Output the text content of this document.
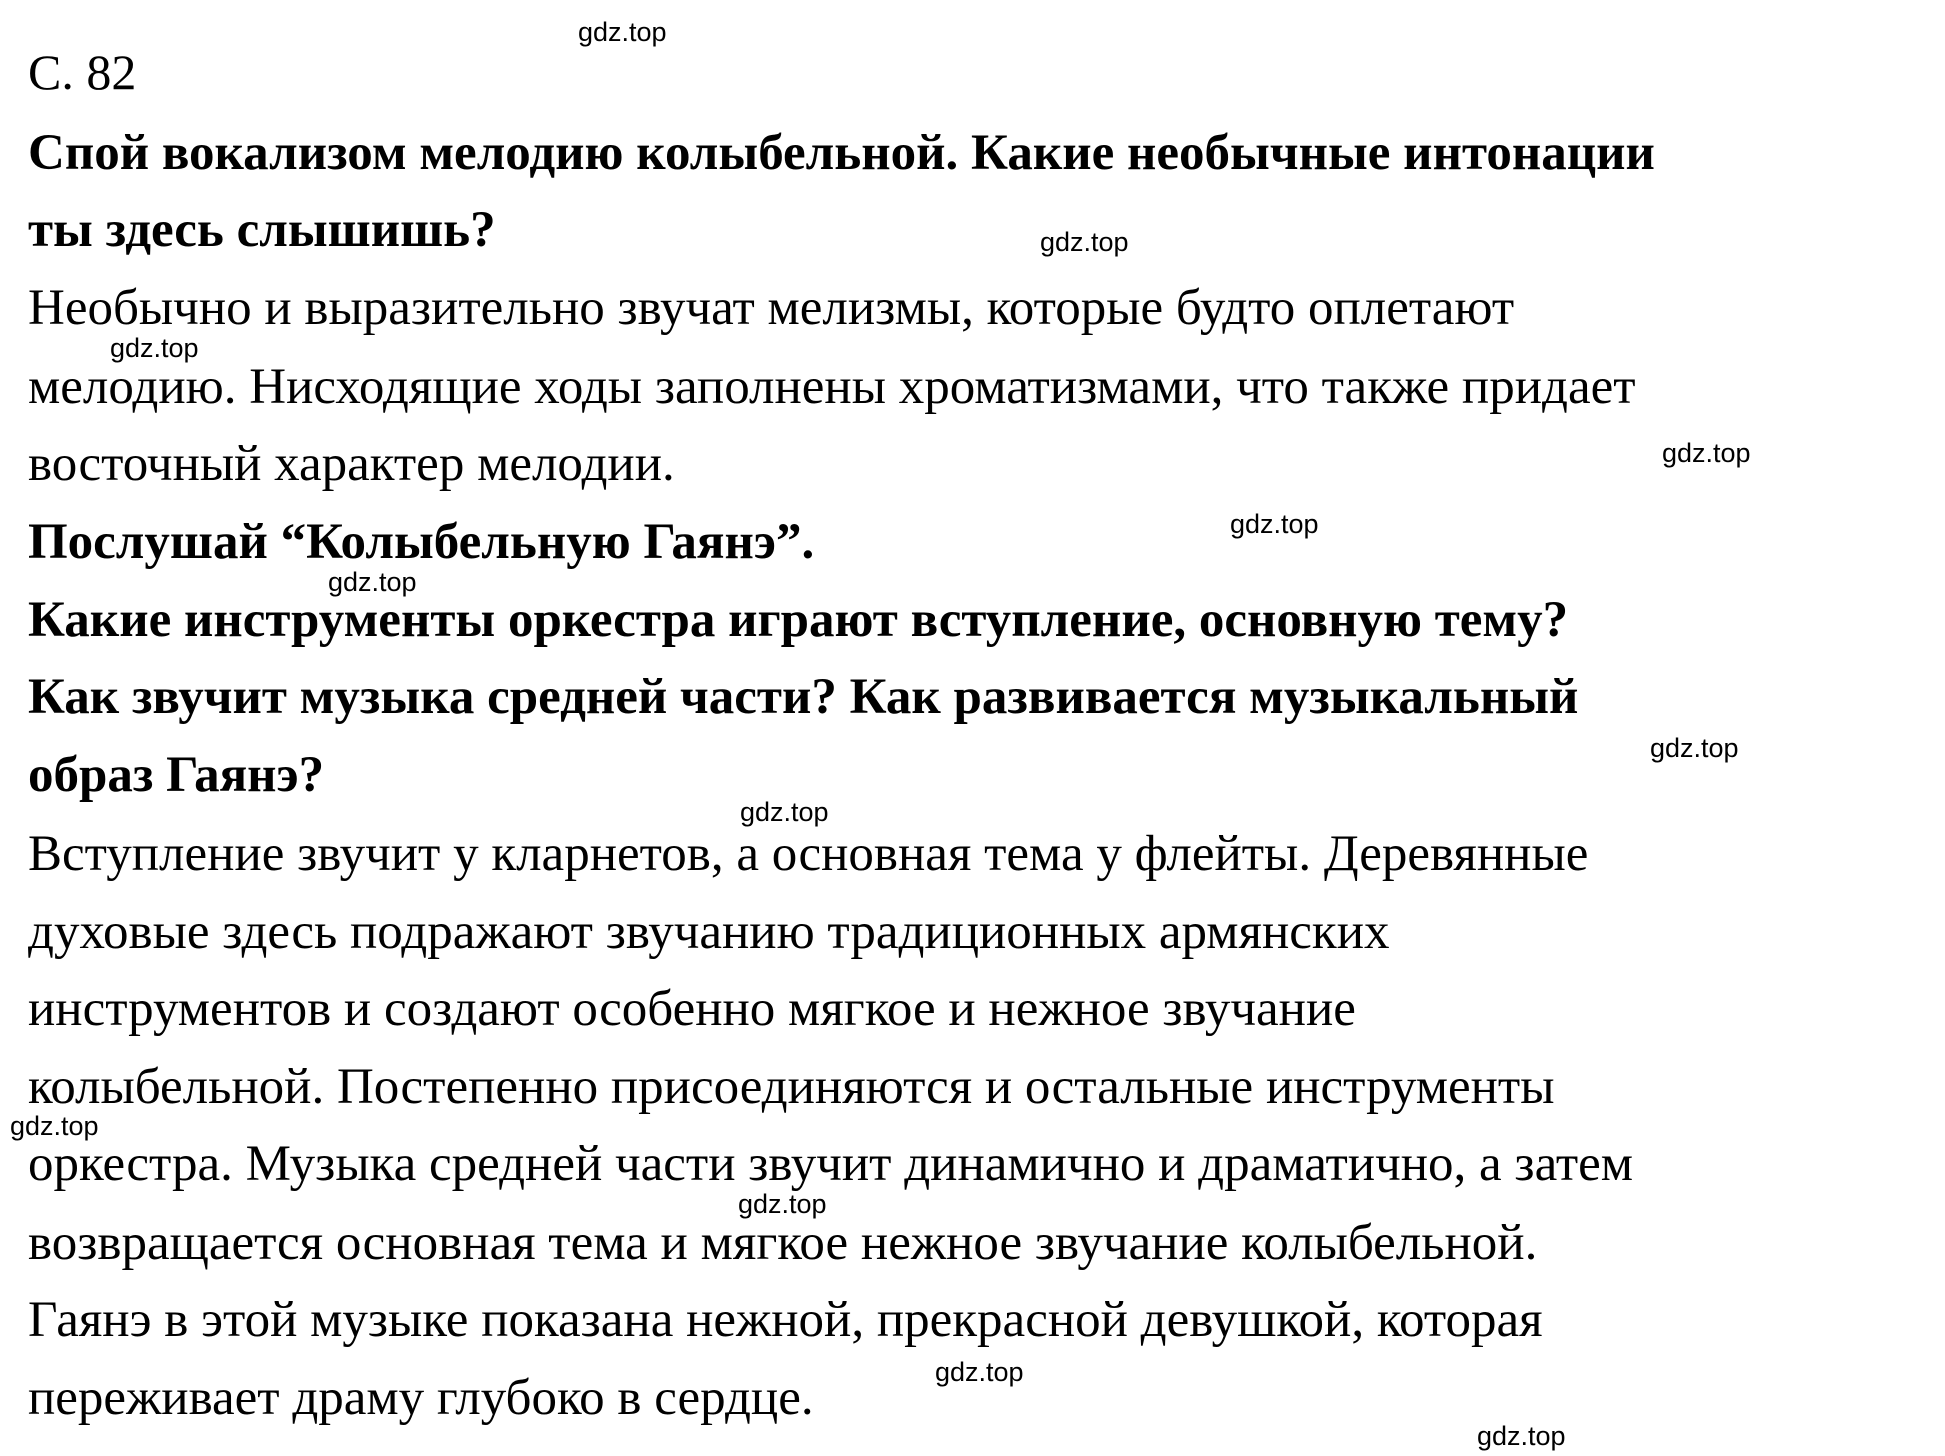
С. 82
Спой вокализом мелодию колыбельной. Какие необычные интонации
ты здесь слышишь?
Необычно и выразительно звучат мелизмы, которые будто оплетают
мелодию. Нисходящие ходы заполнены хроматизмами, что также придает
восточный характер мелодии.
Послушай “Колыбельную Гаянэ”.
Какие инструменты оркестра играют вступление, основную тему?
Как звучит музыка средней части? Как развивается музыкальный
образ Гаянэ?
Вступление звучит у кларнетов, а основная тема у флейты. Деревянные
духовые здесь подражают звучанию традиционных армянских
инструментов и создают особенно мягкое и нежное звучание
колыбельной. Постепенно присоединяются и остальные инструменты
оркестра. Музыка средней части звучит динамично и драматично, а затем
возвращается основная тема и мягкое нежное звучание колыбельной.
Гаянэ в этой музыке показана нежной, прекрасной девушкой, которая
переживает драму глубоко в сердце.
gdz.top
gdz.top
gdz.top
gdz.top
gdz.top
gdz.top
gdz.top
gdz.top
gdz.top
gdz.top
gdz.top
gdz.top
